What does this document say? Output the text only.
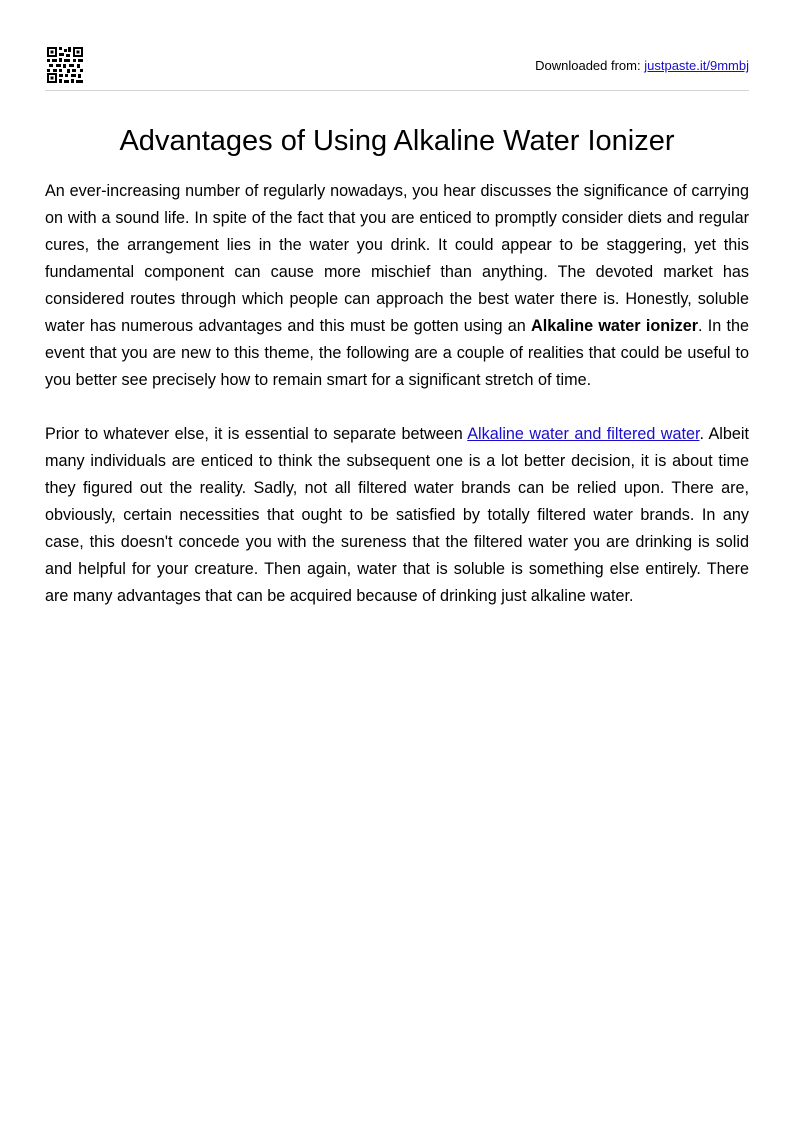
Downloaded from: justpaste.it/9mmbj
Advantages of Using Alkaline Water Ionizer

An ever-increasing number of regularly nowadays, you hear discusses the significance of carrying on with a sound life. In spite of the fact that you are enticed to promptly consider diets and regular cures, the arrangement lies in the water you drink. It could appear to be staggering, yet this fundamental component can cause more mischief than anything. The devoted market has considered routes through which people can approach the best water there is. Honestly, soluble water has numerous advantages and this must be gotten using an Alkaline water ionizer. In the event that you are new to this theme, the following are a couple of realities that could be useful to you better see precisely how to remain smart for a significant stretch of time.

Prior to whatever else, it is essential to separate between Alkaline water and filtered water. Albeit many individuals are enticed to think the subsequent one is a lot better decision, it is about time they figured out the reality. Sadly, not all filtered water brands can be relied upon. There are, obviously, certain necessities that ought to be satisfied by totally filtered water brands. In any case, this doesn't concede you with the sureness that the filtered water you are drinking is solid and helpful for your creature. Then again, water that is soluble is something else entirely. There are many advantages that can be acquired because of drinking just alkaline water.
